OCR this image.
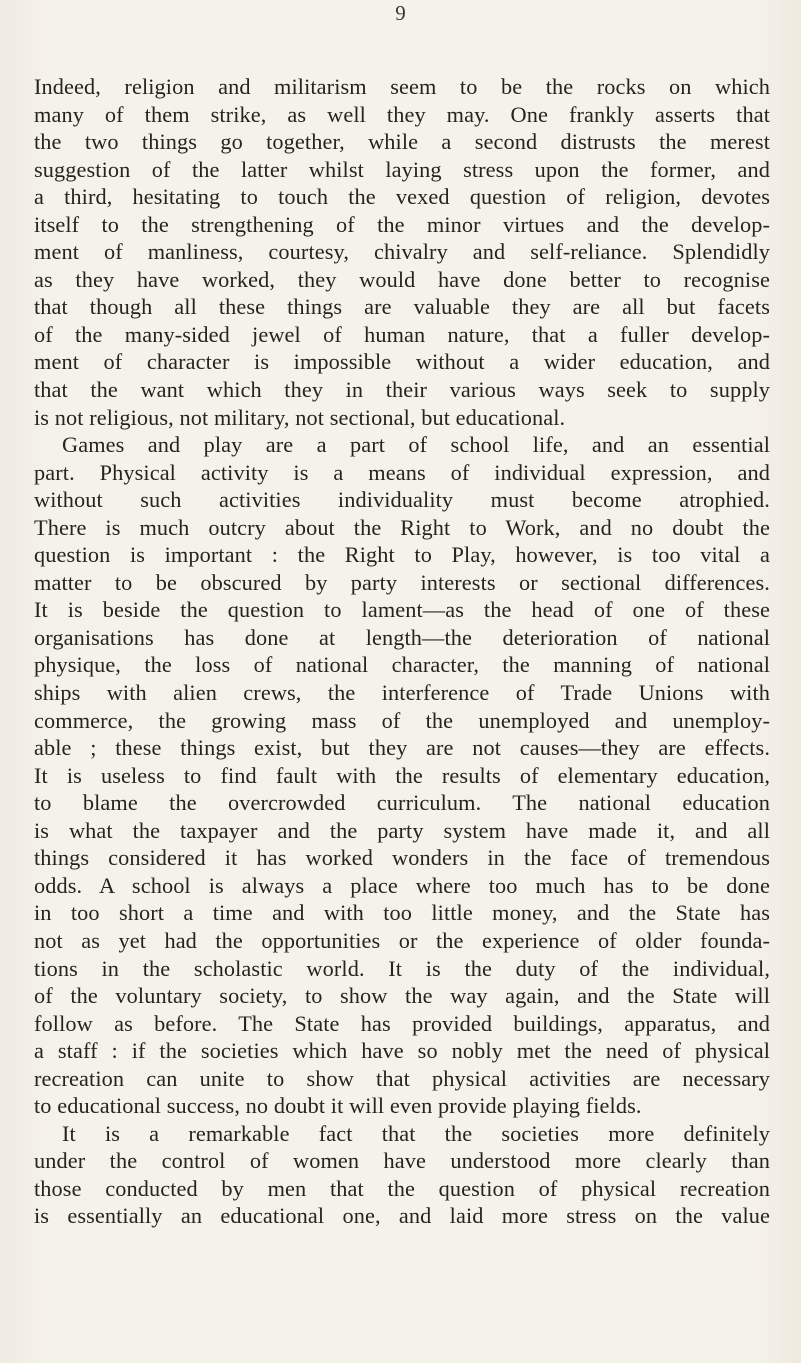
9
Indeed, religion and militarism seem to be the rocks on which
many of them strike, as well they may. One frankly asserts that
the two things go together, while a second distrusts the merest
suggestion of the latter whilst laying stress upon the former, and
a third, hesitating to touch the vexed question of religion, devotes
itself to the strengthening of the minor virtues and the develop-
ment of manliness, courtesy, chivalry and self-reliance. Splendidly
as they have worked, they would have done better to recognise
that though all these things are valuable they are all but facets
of the many-sided jewel of human nature, that a fuller develop-
ment of character is impossible without a wider education, and
that the want which they in their various ways seek to supply
is not religious, not military, not sectional, but educational.
Games and play are a part of school life, and an essential
part. Physical activity is a means of individual expression, and
without such activities individuality must become atrophied.
There is much outcry about the Right to Work, and no doubt the
question is important : the Right to Play, however, is too vital a
matter to be obscured by party interests or sectional differences.
It is beside the question to lament—as the head of one of these
organisations has done at length—the deterioration of national
physique, the loss of national character, the manning of national
ships with alien crews, the interference of Trade Unions with
commerce, the growing mass of the unemployed and unemploy-
able ; these things exist, but they are not causes—they are effects.
It is useless to find fault with the results of elementary education,
to blame the overcrowded curriculum. The national education
is what the taxpayer and the party system have made it, and all
things considered it has worked wonders in the face of tremendous
odds. A school is always a place where too much has to be done
in too short a time and with too little money, and the State has
not as yet had the opportunities or the experience of older founda-
tions in the scholastic world. It is the duty of the individual,
of the voluntary society, to show the way again, and the State will
follow as before. The State has provided buildings, apparatus, and
a staff : if the societies which have so nobly met the need of physical
recreation can unite to show that physical activities are necessary
to educational success, no doubt it will even provide playing fields.
It is a remarkable fact that the societies more definitely
under the control of women have understood more clearly than
those conducted by men that the question of physical recreation
is essentially an educational one, and laid more stress on the value
